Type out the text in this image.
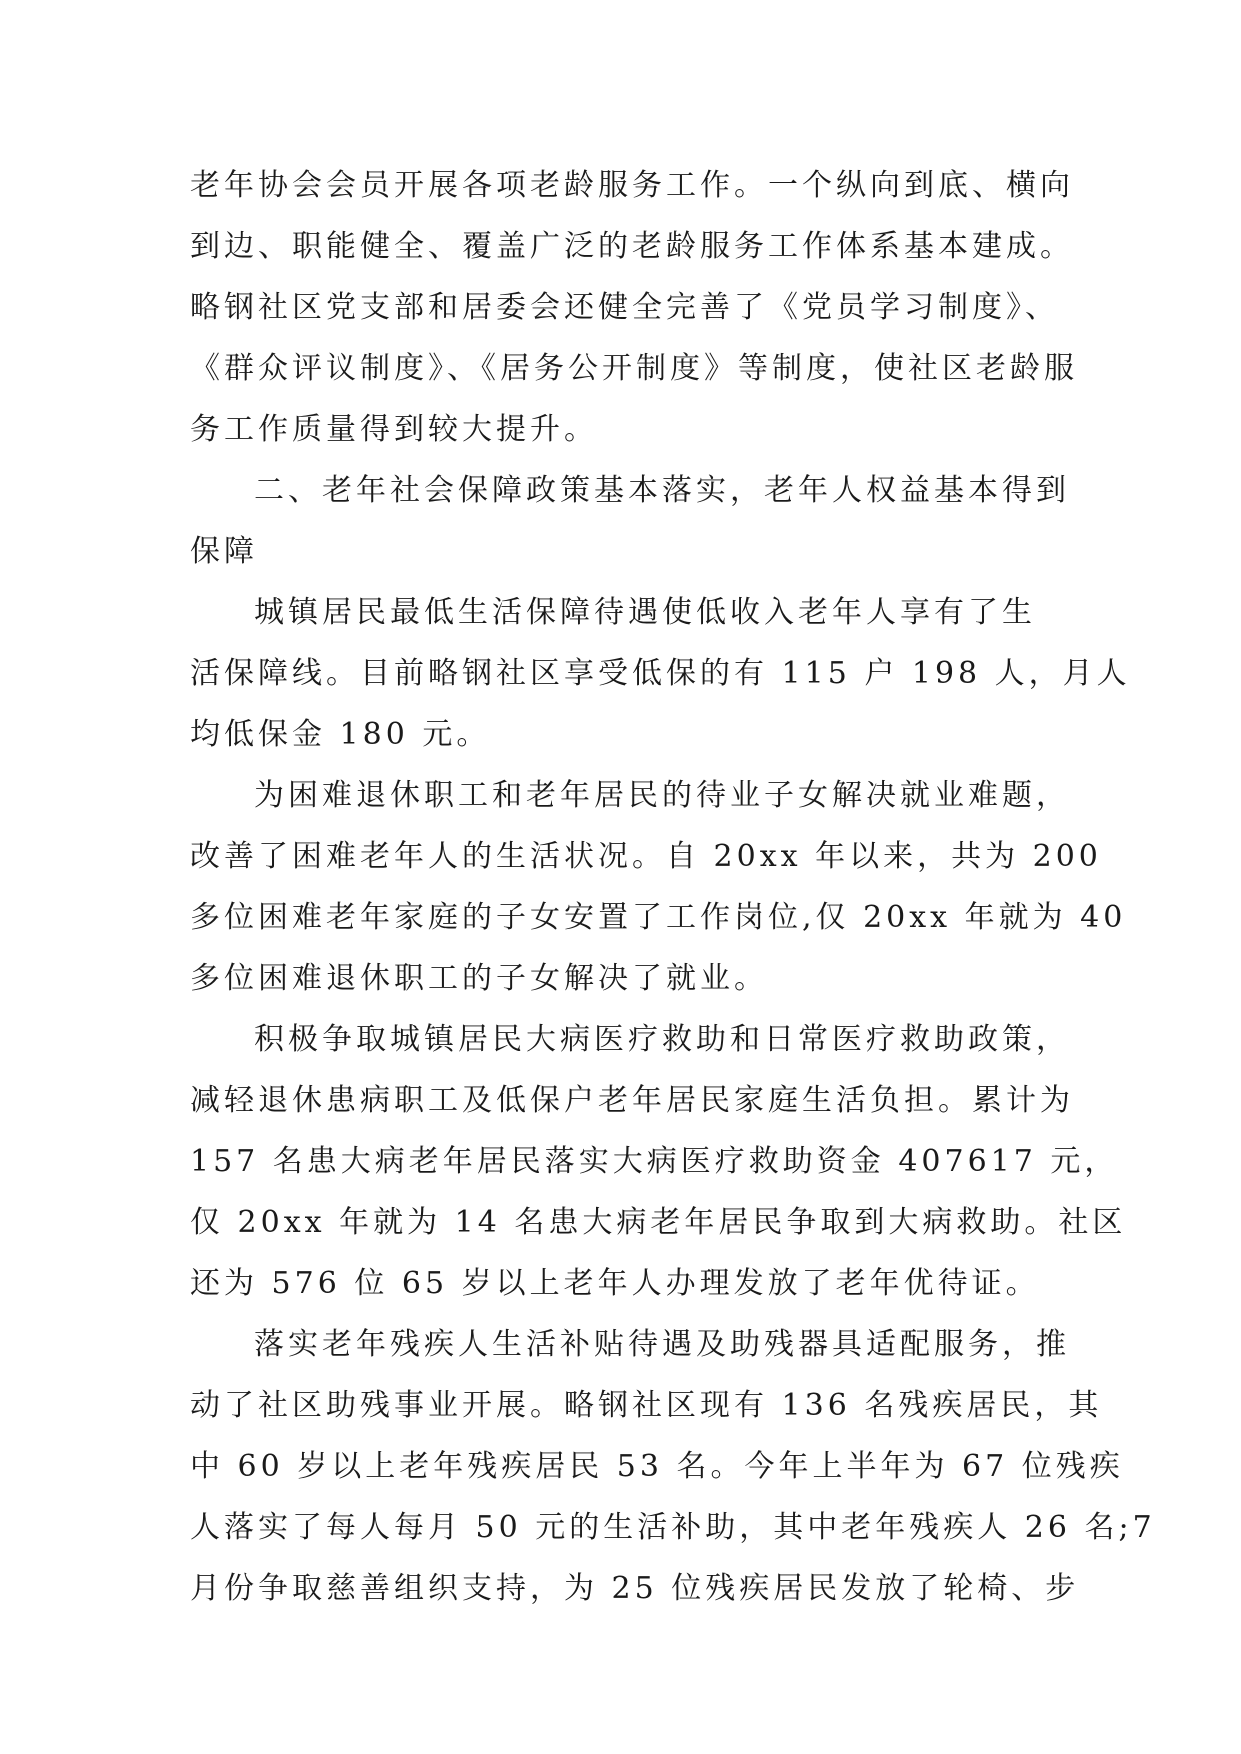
老年协会会员开展各项老龄服务工作。一个纵向到底、横向
到边、职能健全、覆盖广泛的老龄服务工作体系基本建成。
略钢社区党支部和居委会还健全完善了《党员学习制度》、
《群众评议制度》、《居务公开制度》等制度，使社区老龄服
务工作质量得到较大提升。
二、老年社会保障政策基本落实，老年人权益基本得到
保障
城镇居民最低生活保障待遇使低收入老年人享有了生
活保障线。目前略钢社区享受低保的有 115 户 198 人，月人
均低保金 180 元。
为困难退休职工和老年居民的待业子女解决就业难题，
改善了困难老年人的生活状况。自 20xx 年以来，共为 200
多位困难老年家庭的子女安置了工作岗位,仅 20xx 年就为 40
多位困难退休职工的子女解决了就业。
积极争取城镇居民大病医疗救助和日常医疗救助政策，
减轻退休患病职工及低保户老年居民家庭生活负担。累计为
157 名患大病老年居民落实大病医疗救助资金 407617 元，
仅 20xx 年就为 14 名患大病老年居民争取到大病救助。社区
还为 576 位 65 岁以上老年人办理发放了老年优待证。
落实老年残疾人生活补贴待遇及助残器具适配服务，推
动了社区助残事业开展。略钢社区现有 136 名残疾居民，其
中 60 岁以上老年残疾居民 53 名。今年上半年为 67 位残疾
人落实了每人每月 50 元的生活补助，其中老年残疾人 26 名;7
月份争取慈善组织支持，为 25 位残疾居民发放了轮椅、步
